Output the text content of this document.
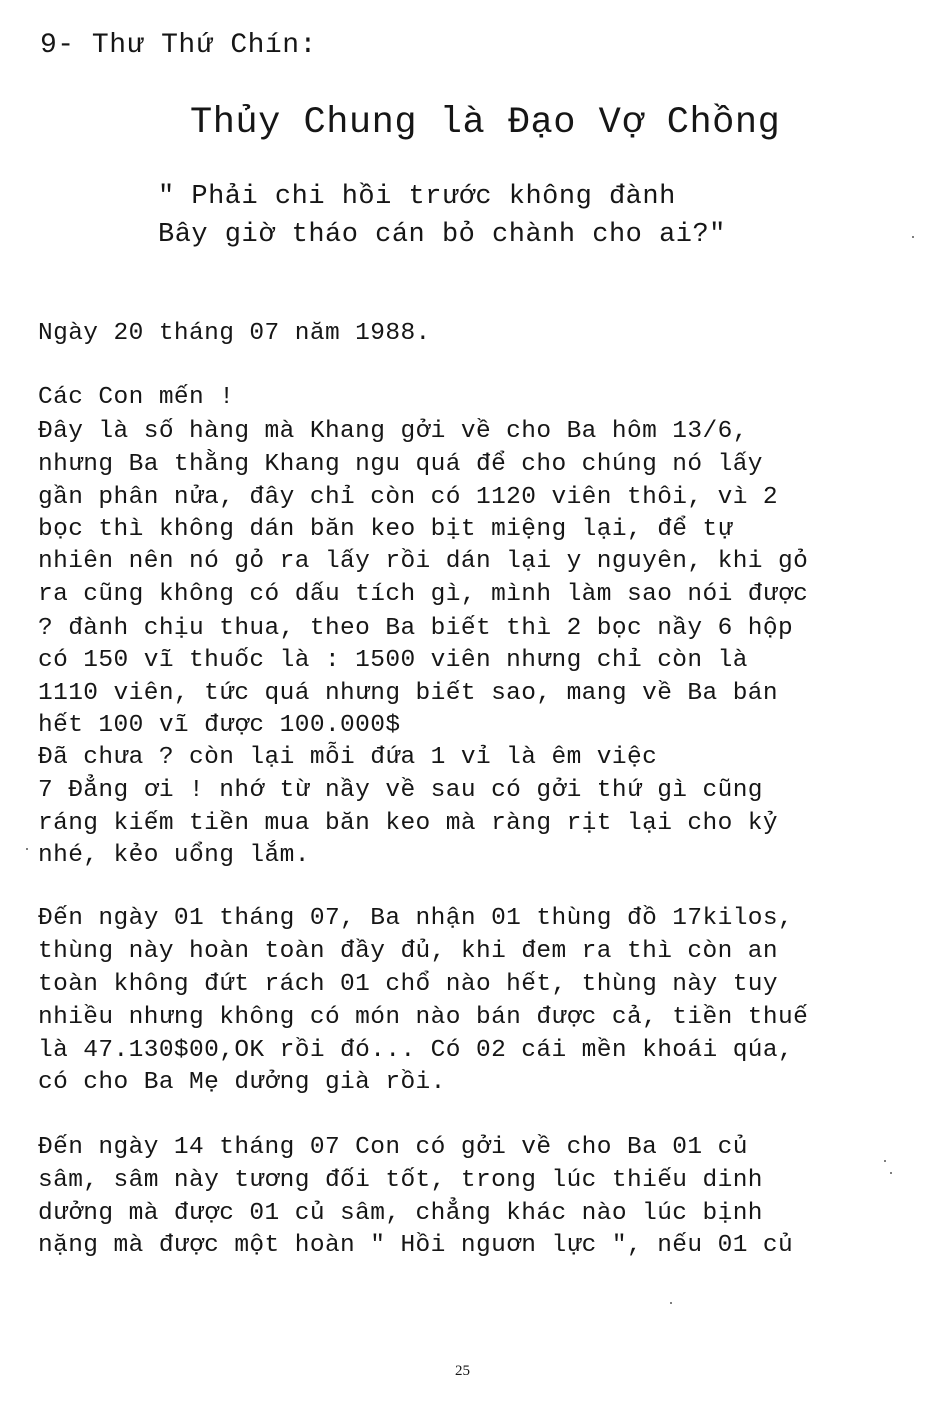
9- Thư Thứ Chín:
Thủy Chung là Đạo Vợ Chồng
" Phải chi hồi trước không đành
Bây giờ tháo cán bỏ chành cho ai?"
Ngày 20 tháng 07 năm 1988.
Các Con mến !
Đây là số hàng mà Khang gởi về cho Ba hôm 13/6,
nhưng Ba thằng Khang ngu quá để cho chúng nó lấy
gần phân nửa, đây chỉ còn có 1120 viên thôi, vì 2
bọc thì không dán băn keo bịt miệng lại, để tự
nhiên nên nó gỏ ra lấy rồi dán lại y nguyên, khi gỏ
ra cũng không có dấu tích gì, mình làm sao nói được
? đành chịu thua, theo Ba biết thì 2 bọc nầy 6 hộp
có 150 vĩ thuốc là : 1500 viên nhưng chỉ còn là
1110 viên, tức quá nhưng biết sao, mang về Ba bán
hết 100 vĩ được 100.000$
Đã chưa ? còn lại mỗi đứa 1 vỉ là êm việc
7 Đẳng ơi ! nhớ từ nầy về sau có gởi thứ gì cũng
ráng kiếm tiền mua băn keo mà ràng rịt lại cho kỷ
nhé, kẻo uổng lắm.
Đến ngày 01 tháng 07, Ba nhận 01 thùng đồ 17kilos,
thùng này hoàn toàn đầy đủ, khi đem ra thì còn an
toàn không đứt rách 01 chổ nào hết, thùng này tuy
nhiều nhưng không có món nào bán được cả, tiền thuế
là 47.130$00,OK rồi đó... Có 02 cái mền khoái qúa,
có cho Ba Mẹ dưởng già rồi.
Đến ngày 14 tháng 07 Con có gởi về cho Ba 01 củ
sâm, sâm này tương đối tốt, trong lúc thiếu dinh
dưởng mà được 01 củ sâm, chẳng khác nào lúc bịnh
nặng mà được một hoàn " Hồi nguơn lực ", nếu 01 củ
25
